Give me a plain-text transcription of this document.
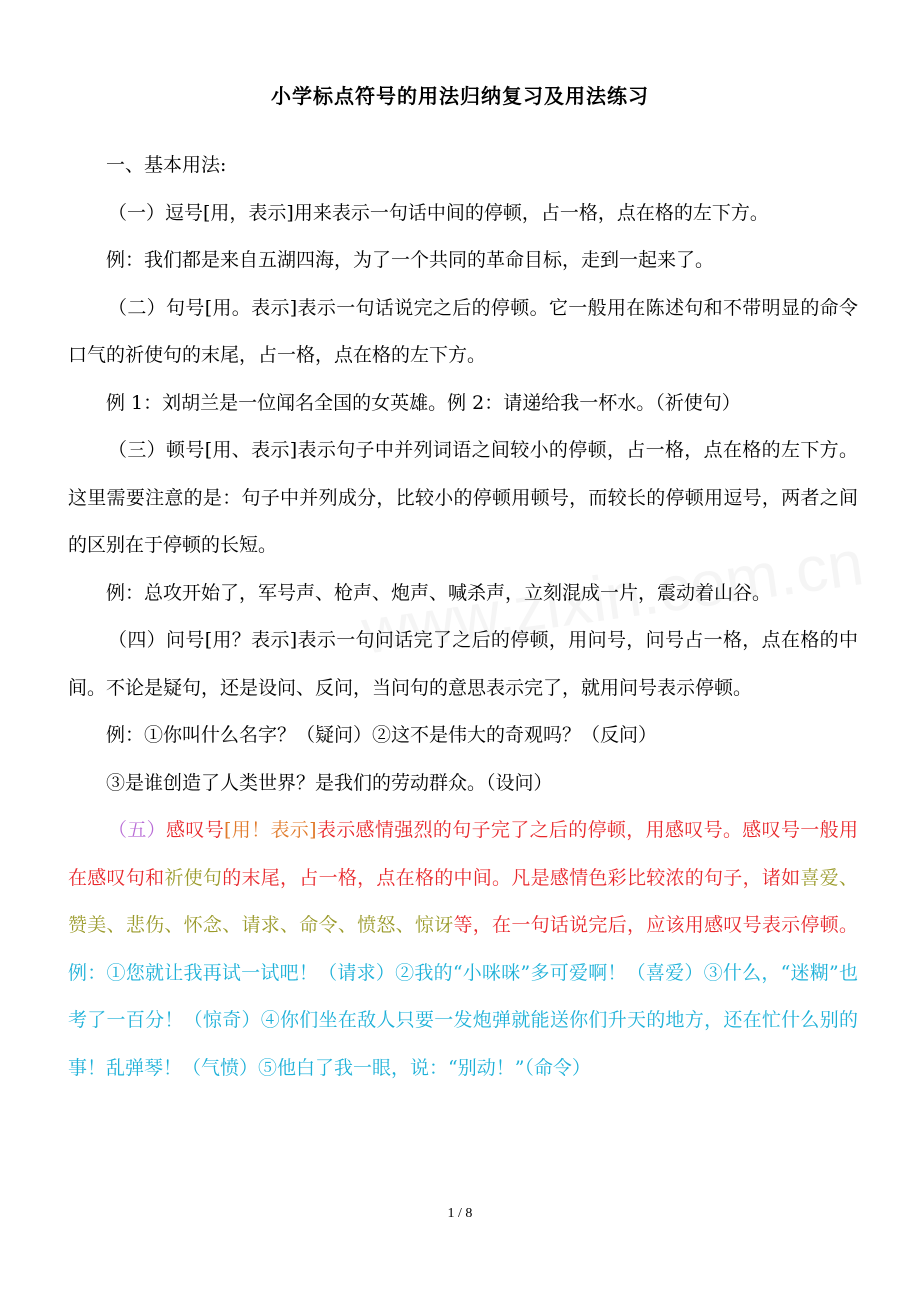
小学标点符号的用法归纳复习及用法练习

一、基本用法:

（一）逗号[用，表示]用来表示一句话中间的停顿，占一格，点在格的左下方。

例：我们都是来自五湖四海，为了一个共同的革命目标，走到一起来了。

（二）句号[用。表示]表示一句话说完之后的停顿。它一般用在陈述句和不带明显的命令口气的祈使句的末尾，占一格，点在格的左下方。

例 1：刘胡兰是一位闻名全国的女英雄。例 2：请递给我一杯水。（祈使句）

（三）顿号[用、表示]表示句子中并列词语之间较小的停顿，占一格，点在格的左下方。这里需要注意的是：句子中并列成分，比较小的停顿用顿号，而较长的停顿用逗号，两者之间的区别在于停顿的长短。

例：总攻开始了，军号声、枪声、炮声、喊杀声，立刻混成一片，震动着山谷。

（四）问号[用？表示]表示一句问话完了之后的停顿，用问号，问号占一格，点在格的中间。不论是疑句，还是设问、反问，当问句的意思表示完了，就用问号表示停顿。

例：①你叫什么名字？（疑问）②这不是伟大的奇观吗？（反问）

③是谁创造了人类世界？是我们的劳动群众。（设问）

（五）感叹号[用！表示]表示感情强烈的句子完了之后的停顿，用感叹号。感叹号一般用在感叹句和祈使句的末尾，占一格，点在格的中间。凡是感情色彩比较浓的句子，诸如喜爱、赞美、悲伤、怀念、请求、命令、愤怒、惊讶等，在一句话说完后，应该用感叹号表示停顿。例：①您就让我再试一试吧！（请求）②我的“小咪咪”多可爱啊！（喜爱）③什么，“迷糊”也考了一百分！（惊奇）④你们坐在敌人只要一发炮弹就能送你们升天的地方，还在忙什么别的事！乱弹琴！（气愤）⑤他白了我一眼，说：“别动！”（命令）

1 / 8
